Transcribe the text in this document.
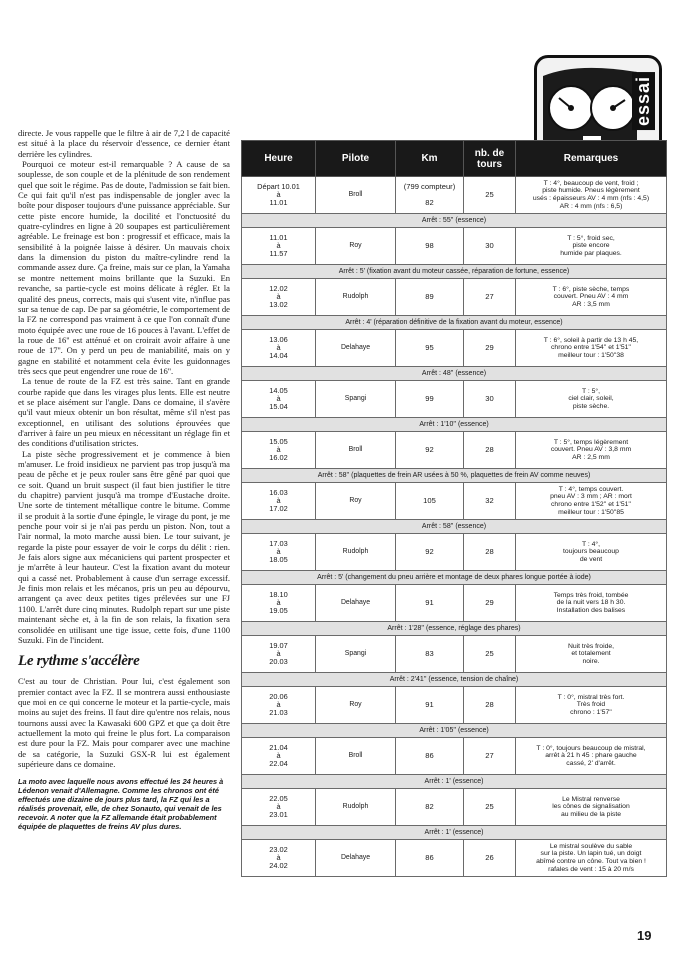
essai

directe. Je vous rappelle que le filtre à air de 7,2 l de capacité est situé à la place du réservoir d'essence, ce dernier étant derrière les cylindres.

Pourquoi ce moteur est-il remarquable ? A cause de sa souplesse, de son couple et de la plénitude de son rendement quel que soit le régime. Pas de doute, l'admission se fait bien. Ce qui fait qu'il n'est pas indispensable de jongler avec la boîte pour disposer toujours d'une puissance appréciable. Sur cette piste encore humide, la docilité et l'onctuosité du quatre-cylindres en ligne à 20 soupapes est particulièrement agréable. Le freinage est bon : progressif et efficace, mais la sensibilité à la poignée laisse à désirer. Un mauvais choix dans la dimension du piston du maître-cylindre rend la commande assez dure. Ça freine, mais sur ce plan, la Yamaha se montre nettement moins brillante que la Suzuki. En revanche, sa partie-cycle est moins délicate à régler. Et la qualité des pneus, corrects, mais qui s'usent vite, n'influe pas sur sa tenue de cap. De par sa géométrie, le comportement de la FZ ne correspond pas vraiment à ce que l'on connaît d'une moto équipée avec une roue de 16 pouces à l'avant. L'effet de la roue de 16'' est atténué et on croirait avoir affaire à une roue de 17''. On y perd un peu de maniabilité, mais on y gagne en stabilité et notamment cela évite les guidonnages très secs que peut engendrer une roue de 16''.

La tenue de route de la FZ est très saine. Tant en grande courbe rapide que dans les virages plus lents. Elle est neutre et se place aisément sur l'angle. Dans ce domaine, il s'avère qu'il vaut mieux obtenir un bon résultat, même s'il n'est pas exceptionnel, en utilisant des solutions éprouvées que d'arriver à faire un peu mieux en nécessitant un réglage fin et des conditions d'utilisation strictes.

La piste sèche progressivement et je commence à bien m'amuser. Le froid insidieux ne parvient pas trop jusqu'à ma peau de pêche et je peux rouler sans être gêné par quoi que ce soit. Quand un bruit suspect (il faut bien justifier le titre du chapitre) parvient jusqu'à ma trompe d'Eustache droite. Une sorte de tintement métallique contre le bitume. Comme il se produit à la sortie d'une épingle, le virage du pont, je me penche pour voir si je n'ai pas perdu un piston. Non, tout a l'air normal, la moto marche aussi bien. Le tour suivant, je regarde la piste pour essayer de voir le corps du délit : rien. Je fais alors signe aux mécaniciens qui partent prospecter et je m'arrête à leur hauteur. C'est la fixation avant du moteur qui a cassé net. Probablement à cause d'un serrage excessif. Je finis mon relais et les mécanos, pris un peu au dépourvu, arrangent ça avec deux petites tiges prélevées sur une FJ 1100. L'arrêt dure cinq minutes. Rudolph repart sur une piste maintenant sèche et, à la fin de son relais, la fixation sera consolidée en utilisant une tige issue, cette fois, d'une 1100 Suzuki. Fin de l'incident.

Le rythme s'accélère

C'est au tour de Christian. Pour lui, c'est également son premier contact avec la FZ. Il se montrera aussi enthousiaste que moi en ce qui concerne le moteur et la partie-cycle, mais moins au sujet des freins. Il faut dire qu'entre nos relais, nous tournons aussi avec la Kawasaki 600 GPZ et que ça doit être actuellement la moto qui freine le plus fort. La comparaison est dure pour la FZ. Mais pour comparer avec une machine de sa catégorie, la Suzuki GSX-R lui est également supérieure dans ce domaine.

La moto avec laquelle nous avons effectué les 24 heures à Lédenon venait d'Allemagne. Comme les chronos ont été effectués une dizaine de jours plus tard, la FZ qui les a réalisés provenait, elle, de chez Sonauto, qui venait de les recevoir. A noter que la FZ allemande était probablement équipée de plaquettes de freins AV plus dures.

Heure	Pilote	Km	nb. de tours	Remarques
Départ 10.01
à
11.01	Broll	(799 compteur)

82	25	T : 4°, beaucoup de vent, froid ;
piste humide. Pneus légèrement
usés : épaisseurs AV : 4 mm (nfs : 4,5)
AR : 4 mm (nfs : 6,5)
Arrêt : 55'' (essence)				
11.01
à
11.57	Roy	98	30	T : 5°, froid sec,
piste encore
humide par plaques.
Arrêt : 5' (fixation avant du moteur cassée, réparation de fortune, essence)				
12.02
à
13.02	Rudolph	89	27	T : 6°, piste sèche, temps
couvert. Pneu AV : 4 mm
AR : 3,5 mm
Arrêt : 4' (réparation définitive de la fixation avant du moteur, essence)				
13.06
à
14.04	Delahaye	95	29	T : 6°, soleil à partir de 13 h 45,
chrono entre 1'54'' et 1'51''
meilleur tour : 1'50''38
Arrêt : 48'' (essence)				
14.05
à
15.04	Spangi	99	30	T : 5°,
ciel clair, soleil,
piste sèche.
Arrêt : 1'10'' (essence)				
15.05
à
16.02	Broll	92	28	T : 5°, temps légèrement
couvert. Pneu AV : 3,8 mm
AR : 2,5 mm
Arrêt : 58'' (plaquettes de frein AR usées à 50 %, plaquettes de frein AV comme neuves)				
16.03
à
17.02	Roy	105	32	T : 4°, temps couvert.
pneu AV : 3 mm ; AR : mort
chrono entre 1'52'' et 1'51''
meilleur tour : 1'50''85
Arrêt : 58'' (essence)				
17.03
à
18.05	Rudolph	92	28	T : 4°,
toujours beaucoup
de vent
Arrêt : 5' (changement du pneu arrière et montage de deux phares longue portée à iode)				
18.10
à
19.05	Delahaye	91	29	Temps très froid, tombée
de la nuit vers 18 h 30.
Installation des balises
Arrêt : 1'28'' (essence, réglage des phares)				
19.07
à
20.03	Spangi	83	25	Nuit très froide,
et totalement
noire.
Arrêt : 2'41'' (essence, tension de chaîne)				
20.06
à
21.03	Roy	91	28	T : 0°, mistral très fort.
Très froid
chrono : 1'57''
Arrêt : 1'05'' (essence)				
21.04
à
22.04	Broll	86	27	T : 0°, toujours beaucoup de mistral,
arrêt à 21 h 45 : phare gauche
cassé, 2' d'arrêt.
Arrêt : 1' (essence)				
22.05
à
23.01	Rudolph	82	25	Le Mistral renverse
les cônes de signalisation
au milieu de la piste
Arrêt : 1' (essence)				
23.02
à
24.02	Delahaye	86	26	Le mistral soulève du sable
sur la piste. Un lapin tué, un doigt
abîmé contre un cône. Tout va bien !
rafales de vent : 15 à 20 m/s
19
